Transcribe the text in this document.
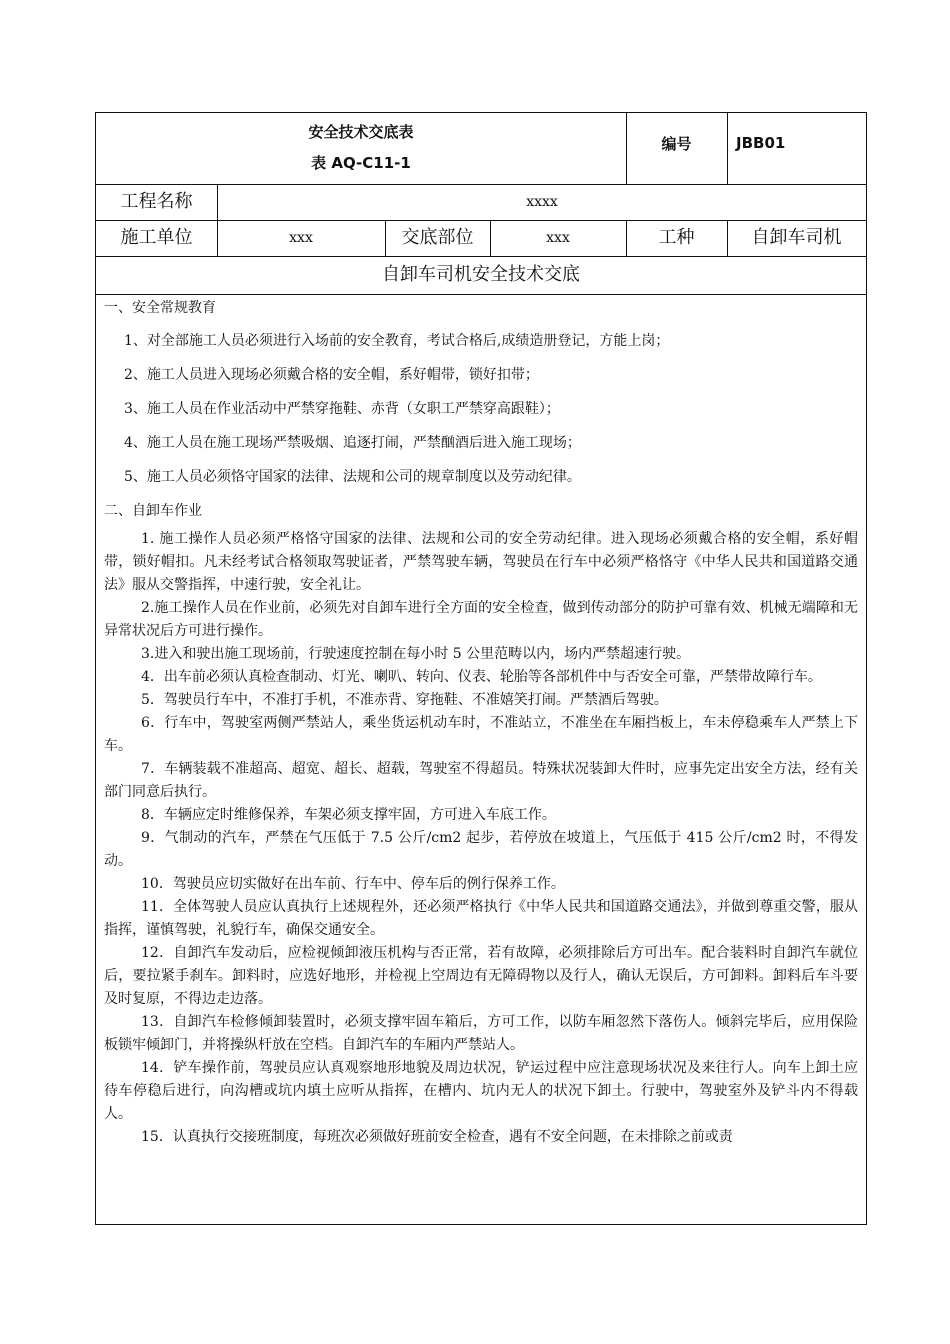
安全技术交底表
表 AQ-C11-1
编号	JBB01
工程名称	xxxx
施工单位	xxx	交底部位	xxx	工种	自卸车司机
自卸车司机安全技术交底
一、安全常规教育

1、对全部施工人员必须进行入场前的安全教育，考试合格后,成绩造册登记，方能上岗；

2、施工人员进入现场必须戴合格的安全帽，系好帽带，锁好扣带；

3、施工人员在作业活动中严禁穿拖鞋、赤背（女职工严禁穿高跟鞋）；

4、施工人员在施工现场严禁吸烟、追逐打闹，严禁酗酒后进入施工现场；

5、施工人员必须恪守国家的法律、法规和公司的规章制度以及劳动纪律。

二、自卸车作业

1. 施工操作人员必须严格恪守国家的法律、法规和公司的安全劳动纪律。进入现场必须戴合格的安全帽，系好帽带，锁好帽扣。凡未经考试合格领取驾驶证者，严禁驾驶车辆，驾驶员在行车中必须严格恪守《中华人民共和国道路交通法》服从交警指挥，中速行驶，安全礼让。

2.施工操作人员在作业前，必须先对自卸车进行全方面的安全检查，做到传动部分的防护可靠有效、机械无端障和无异常状况后方可进行操作。

3.进入和驶出施工现场前，行驶速度控制在每小时 5 公里范畴以内，场内严禁超速行驶。

4．出车前必须认真检查制动、灯光、喇叭、转向、仪表、轮胎等各部机件中与否安全可靠，严禁带故障行车。

5．驾驶员行车中，不准打手机，不准赤背、穿拖鞋、不准嬉笑打闹。严禁酒后驾驶。

6．行车中，驾驶室两侧严禁站人，乘坐货运机动车时，不准站立，不准坐在车厢挡板上，车未停稳乘车人严禁上下车。

7．车辆装载不准超高、超宽、超长、超载，驾驶室不得超员。特殊状况装卸大件时，应事先定出安全方法，经有关部门同意后执行。

8．车辆应定时维修保养，车架必须支撑牢固，方可进入车底工作。

9．气制动的汽车，严禁在气压低于 7.5 公斤/cm2 起步，若停放在坡道上，气压低于 415 公斤/cm2 时，不得发动。

10．驾驶员应切实做好在出车前、行车中、停车后的例行保养工作。

11．全体驾驶人员应认真执行上述规程外，还必须严格执行《中华人民共和国道路交通法》，并做到尊重交警，服从指挥，谨慎驾驶，礼貌行车，确保交通安全。

12．自卸汽车发动后，应检视倾卸液压机构与否正常，若有故障，必须排除后方可出车。配合装料时自卸汽车就位后，要拉紧手刹车。卸料时，应选好地形，并检视上空周边有无障碍物以及行人，确认无误后，方可卸料。卸料后车斗要及时复原，不得边走边落。

13．自卸汽车检修倾卸装置时，必须支撑牢固车箱后，方可工作，以防车厢忽然下落伤人。倾斜完毕后，应用保险板锁牢倾卸门，并将操纵杆放在空档。自卸汽车的车厢内严禁站人。

14．铲车操作前，驾驶员应认真观察地形地貌及周边状况，铲运过程中应注意现场状况及来往行人。向车上卸土应待车停稳后进行，向沟槽或坑内填土应听从指挥，在槽内、坑内无人的状况下卸土。行驶中，驾驶室外及铲斗内不得载人。

15．认真执行交接班制度，每班次必须做好班前安全检查，遇有不安全问题，在未排除之前或责
